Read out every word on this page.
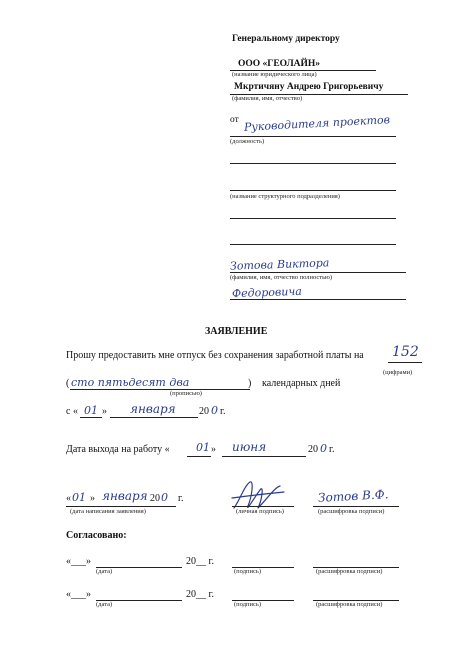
Генеральному директору
ООО «ГЕОЛАЙН»
(название юридического лица)
Мкртичяну Андрею Григорьевичу
(фамилия, имя, отчество)
от Руководителя проектов
(должность)
(название структурного подразделения)
Зотова Виктора
(фамилия, имя, отчество полностью)
Федоровича
ЗАЯВЛЕНИЕ
Прошу предоставить мне отпуск без сохранения заработной платы на 152
(цифрами)
( сто пятьдесят два	) календарных дней
(прописью)
с « 01 » января 20 0 г.
Дата выхода на работу « 01 » июня	20 0 г.
« 01 » января 20 0 г.
(дата написания заявления)	(личная подпись)
Зотов В.Ф.
(расшифровка подписи)
Согласовано:
«___»	20__ г.
(дата)	(подпись)	(расшифровка подписи)
«___»	20__ г.
(дата)	(подпись)	(расшифровка подписи)
